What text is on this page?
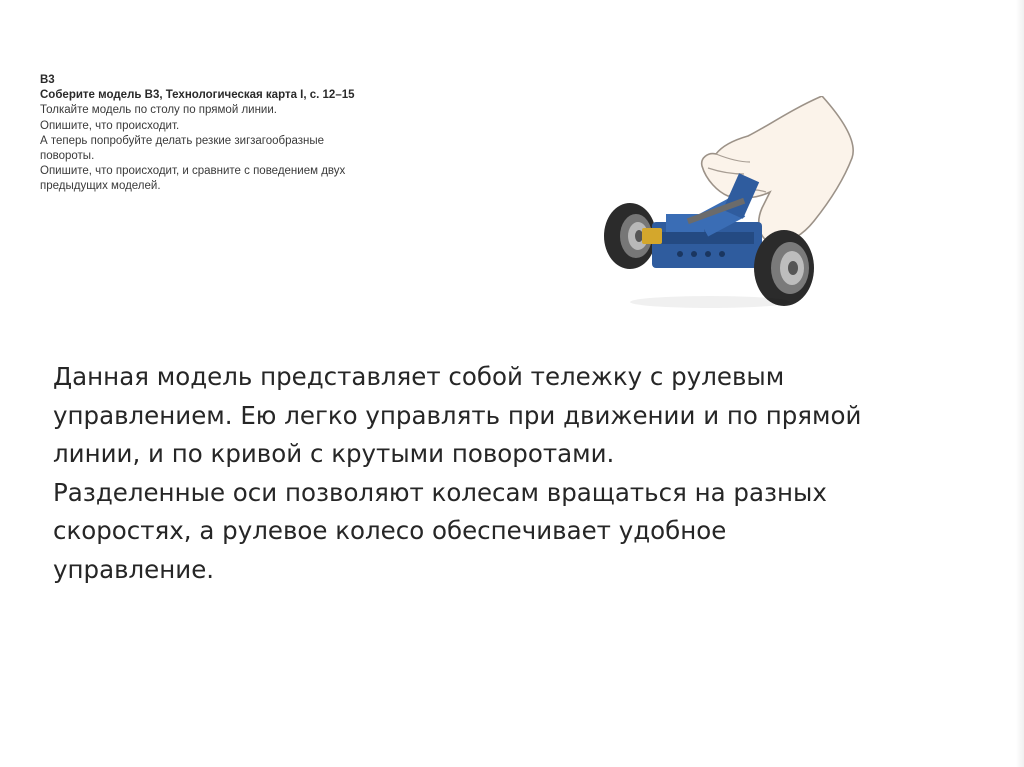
В3
Соберите модель В3, Технологическая карта I, с. 12–15
Толкайте модель по столу по прямой линии.
Опишите, что происходит.
А теперь попробуйте делать резкие зигзагообразные
повороты.
Опишите, что происходит, и сравните с поведением двух
предыдущих моделей.
Данная модель представляет собой тележку с рулевым
управлением. Ею легко управлять при движении и по прямой
линии, и по кривой с крутыми поворотами.
Разделенные оси позволяют колесам вращаться на разных
скоростях, а рулевое колесо обеспечивает удобное
управление.
